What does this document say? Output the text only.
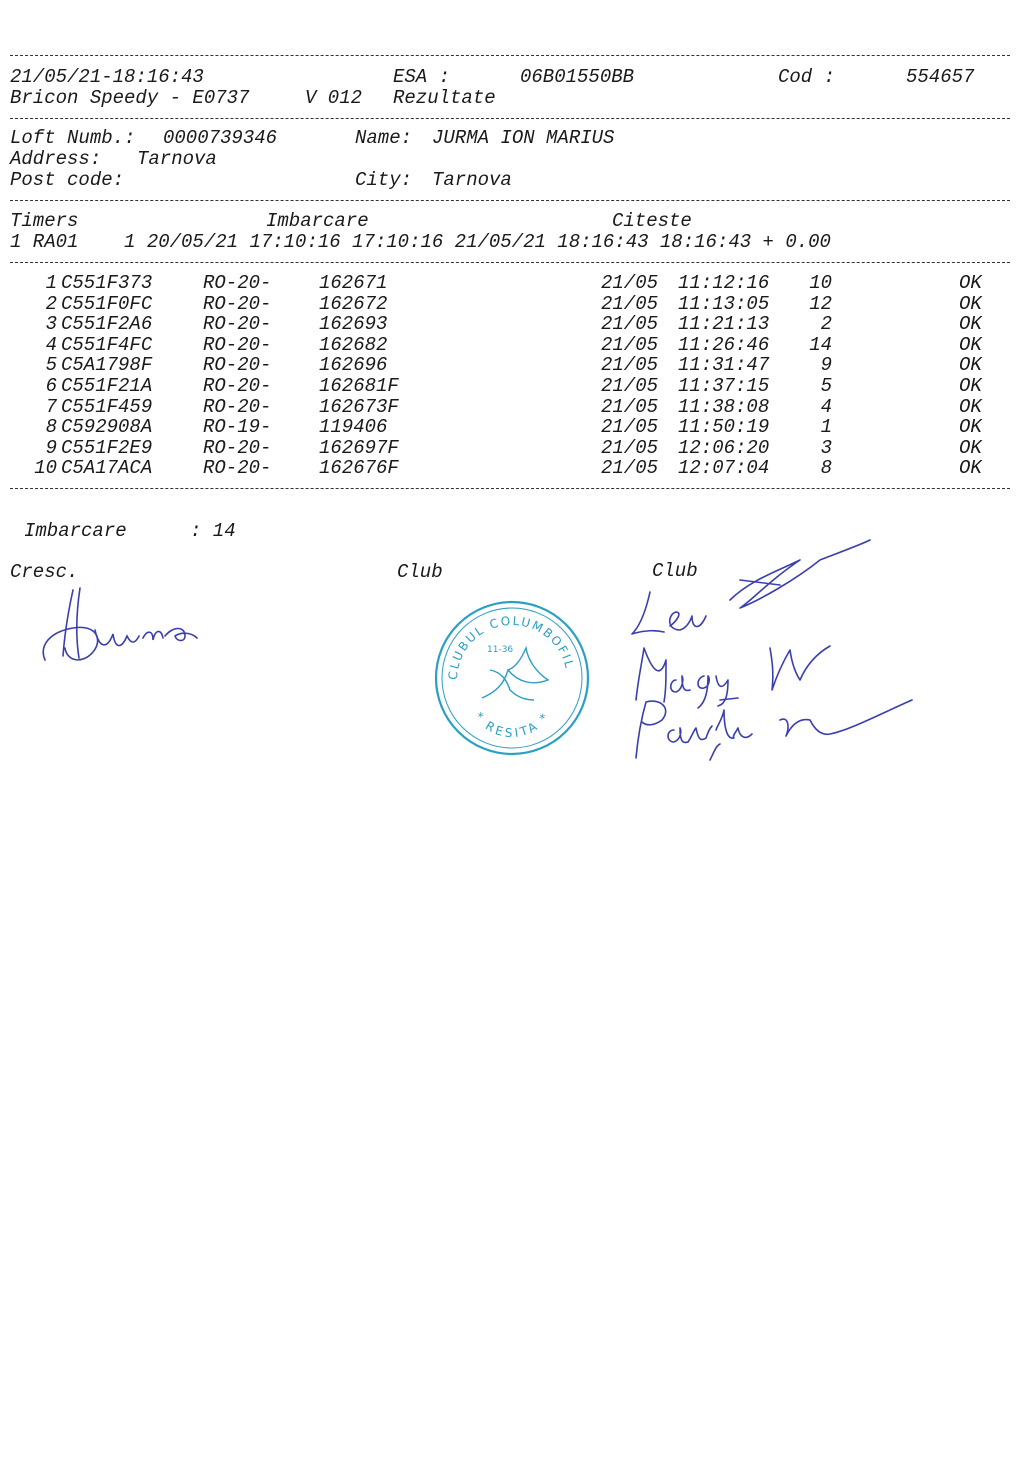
21/05/21-18:16:43	ESA :	06B01550BB	Cod :	554657
Bricon Speedy - E0737	V 012 Rezultate
Loft Numb.: 0000739346	Name: JURMA ION MARIUS
Address: Tarnova
Post code:	City: Tarnova
Timers	Imbarcare	Citeste
1 RA01    1 20/05/21 17:10:16 17:10:16 21/05/21 18:16:43 18:16:43 + 0.00
1 C551F373	RO-20-	162671	21/05 11:12:16	10	OK
2 C551F0FC	RO-20-	162672	21/05 11:13:05	12	OK
3 C551F2A6	RO-20-	162693	21/05 11:21:13	2	OK
4 C551F4FC	RO-20-	162682	21/05 11:26:46	14	OK
5 C5A1798F	RO-20-	162696	21/05 11:31:47	9	OK
6 C551F21A	RO-20-	162681F	21/05 11:37:15	5	OK
7 C551F459	RO-20-	162673F	21/05 11:38:08	4	OK
8 C592908A	RO-19-	119406	21/05 11:50:19	1	OK
9 C551F2E9	RO-20-	162697F	21/05 12:06:20	3	OK
10 C5A17ACA	RO-20-	162676F	21/05 12:07:04	8	OK
Imbarcare	: 14
Cresc.	Club	Club
CLUBUL COLUMBOFIL
11-36
* RESITA *
